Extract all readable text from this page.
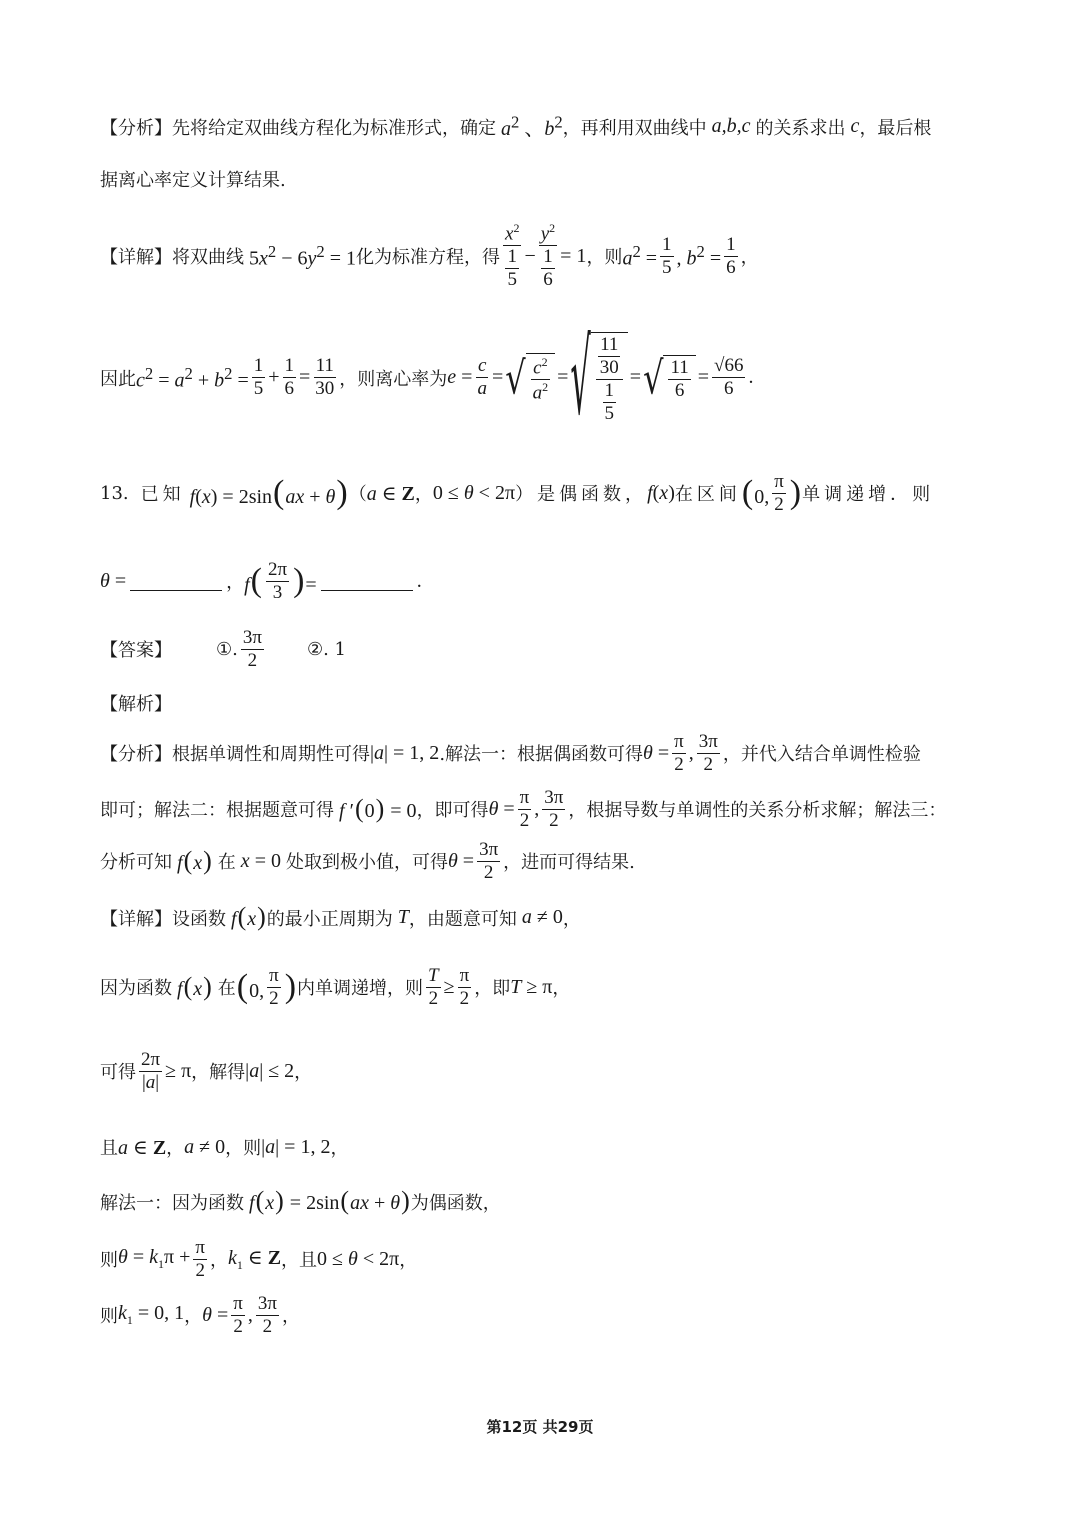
【分析】 先将给定双曲线方程化为标准形式，确定 $a^2$ 、$b^2$ ，再利用双曲线中 a,b,c 的关系求出 c ，最后根
据离心率定义计算结果.
【详解】 将双曲线 $5x^2 - 6y^2 = 1$ 化为标准方程，得 $\frac{x^2}{\frac{1}{5}} - \frac{y^2}{\frac{1}{6}} = 1$ ，则 $a^2 = \frac{1}{5}$ , $b^2 = \frac{1}{6}$ ，
因此 $c^2 = a^2 + b^2 = \frac{1}{5} + \frac{1}{6} = \frac{11}{30}$ ，则离心率为 $e = \frac{c}{a}$ = √ $\frac{c^2}{a^2}$ = √ $\frac{\frac{11}{30}}{\frac{1}{5}}$ = √ $\frac{11}{6} = \frac{√66}{6}$ .
13. 已知 f(x) = 2sin(ax + θ) （ a ∈ Z ， 0 ≤ θ < 2π ）是偶函数， f(x) 在区间 (0, $\frac{\pi}{2}$ ) 单调递增．则
θ =	， $f( \frac{2\pi}{3}$ )=	.
【答案】 ①. $\frac{3\pi}{2}$ ②. 1
【解析】
【分析】 根据单调性和周期性可得 |a| = 1, 2 .解法一：根据偶函数可得 $\theta = \frac{\pi}{2}$ , $\frac{3\pi}{2}$ ，并代入结合单调性检验
即可；解法二：根据题意可得 f ′(0) = 0 ，即可得 $\theta = \frac{\pi}{2}$ , $\frac{3\pi}{2}$ ，根据导数与单调性的关系分析求解；解法三：
分析可知 f(x) 在 x = 0 处取到极小值，可得 $\theta = \frac{3\pi}{2}$ ，进而可得结果.
【详解】 设函数 f(x) 的最小正周期为 T ，由题意可知 a ≠ 0 ，
因为函数 f(x) 在 (0, $\frac{\pi}{2}$ ) 内单调递增，则 $\frac{T}{2} \ge \frac{\pi}{2}$ ，即 T ≥ π ，
可得 $\frac{2\pi}{|a|} \ge \pi$ ，解得 |a| ≤ 2 ，
且 a ∈ Z ， a ≠ 0 ，则 |a| = 1, 2 ，
解法一：因为函数 f(x) = 2sin(ax + θ) 为偶函数，
则 $\theta = k_1\pi + \frac{\pi}{2}$ ， $k_1$ ∈ Z ，且 0 ≤ θ < 2π ，
则 $k_1 = 0$, 1 ， $\theta = \frac{\pi}{2}$ , $\frac{3\pi}{2}$ ，
第12页 共29页
